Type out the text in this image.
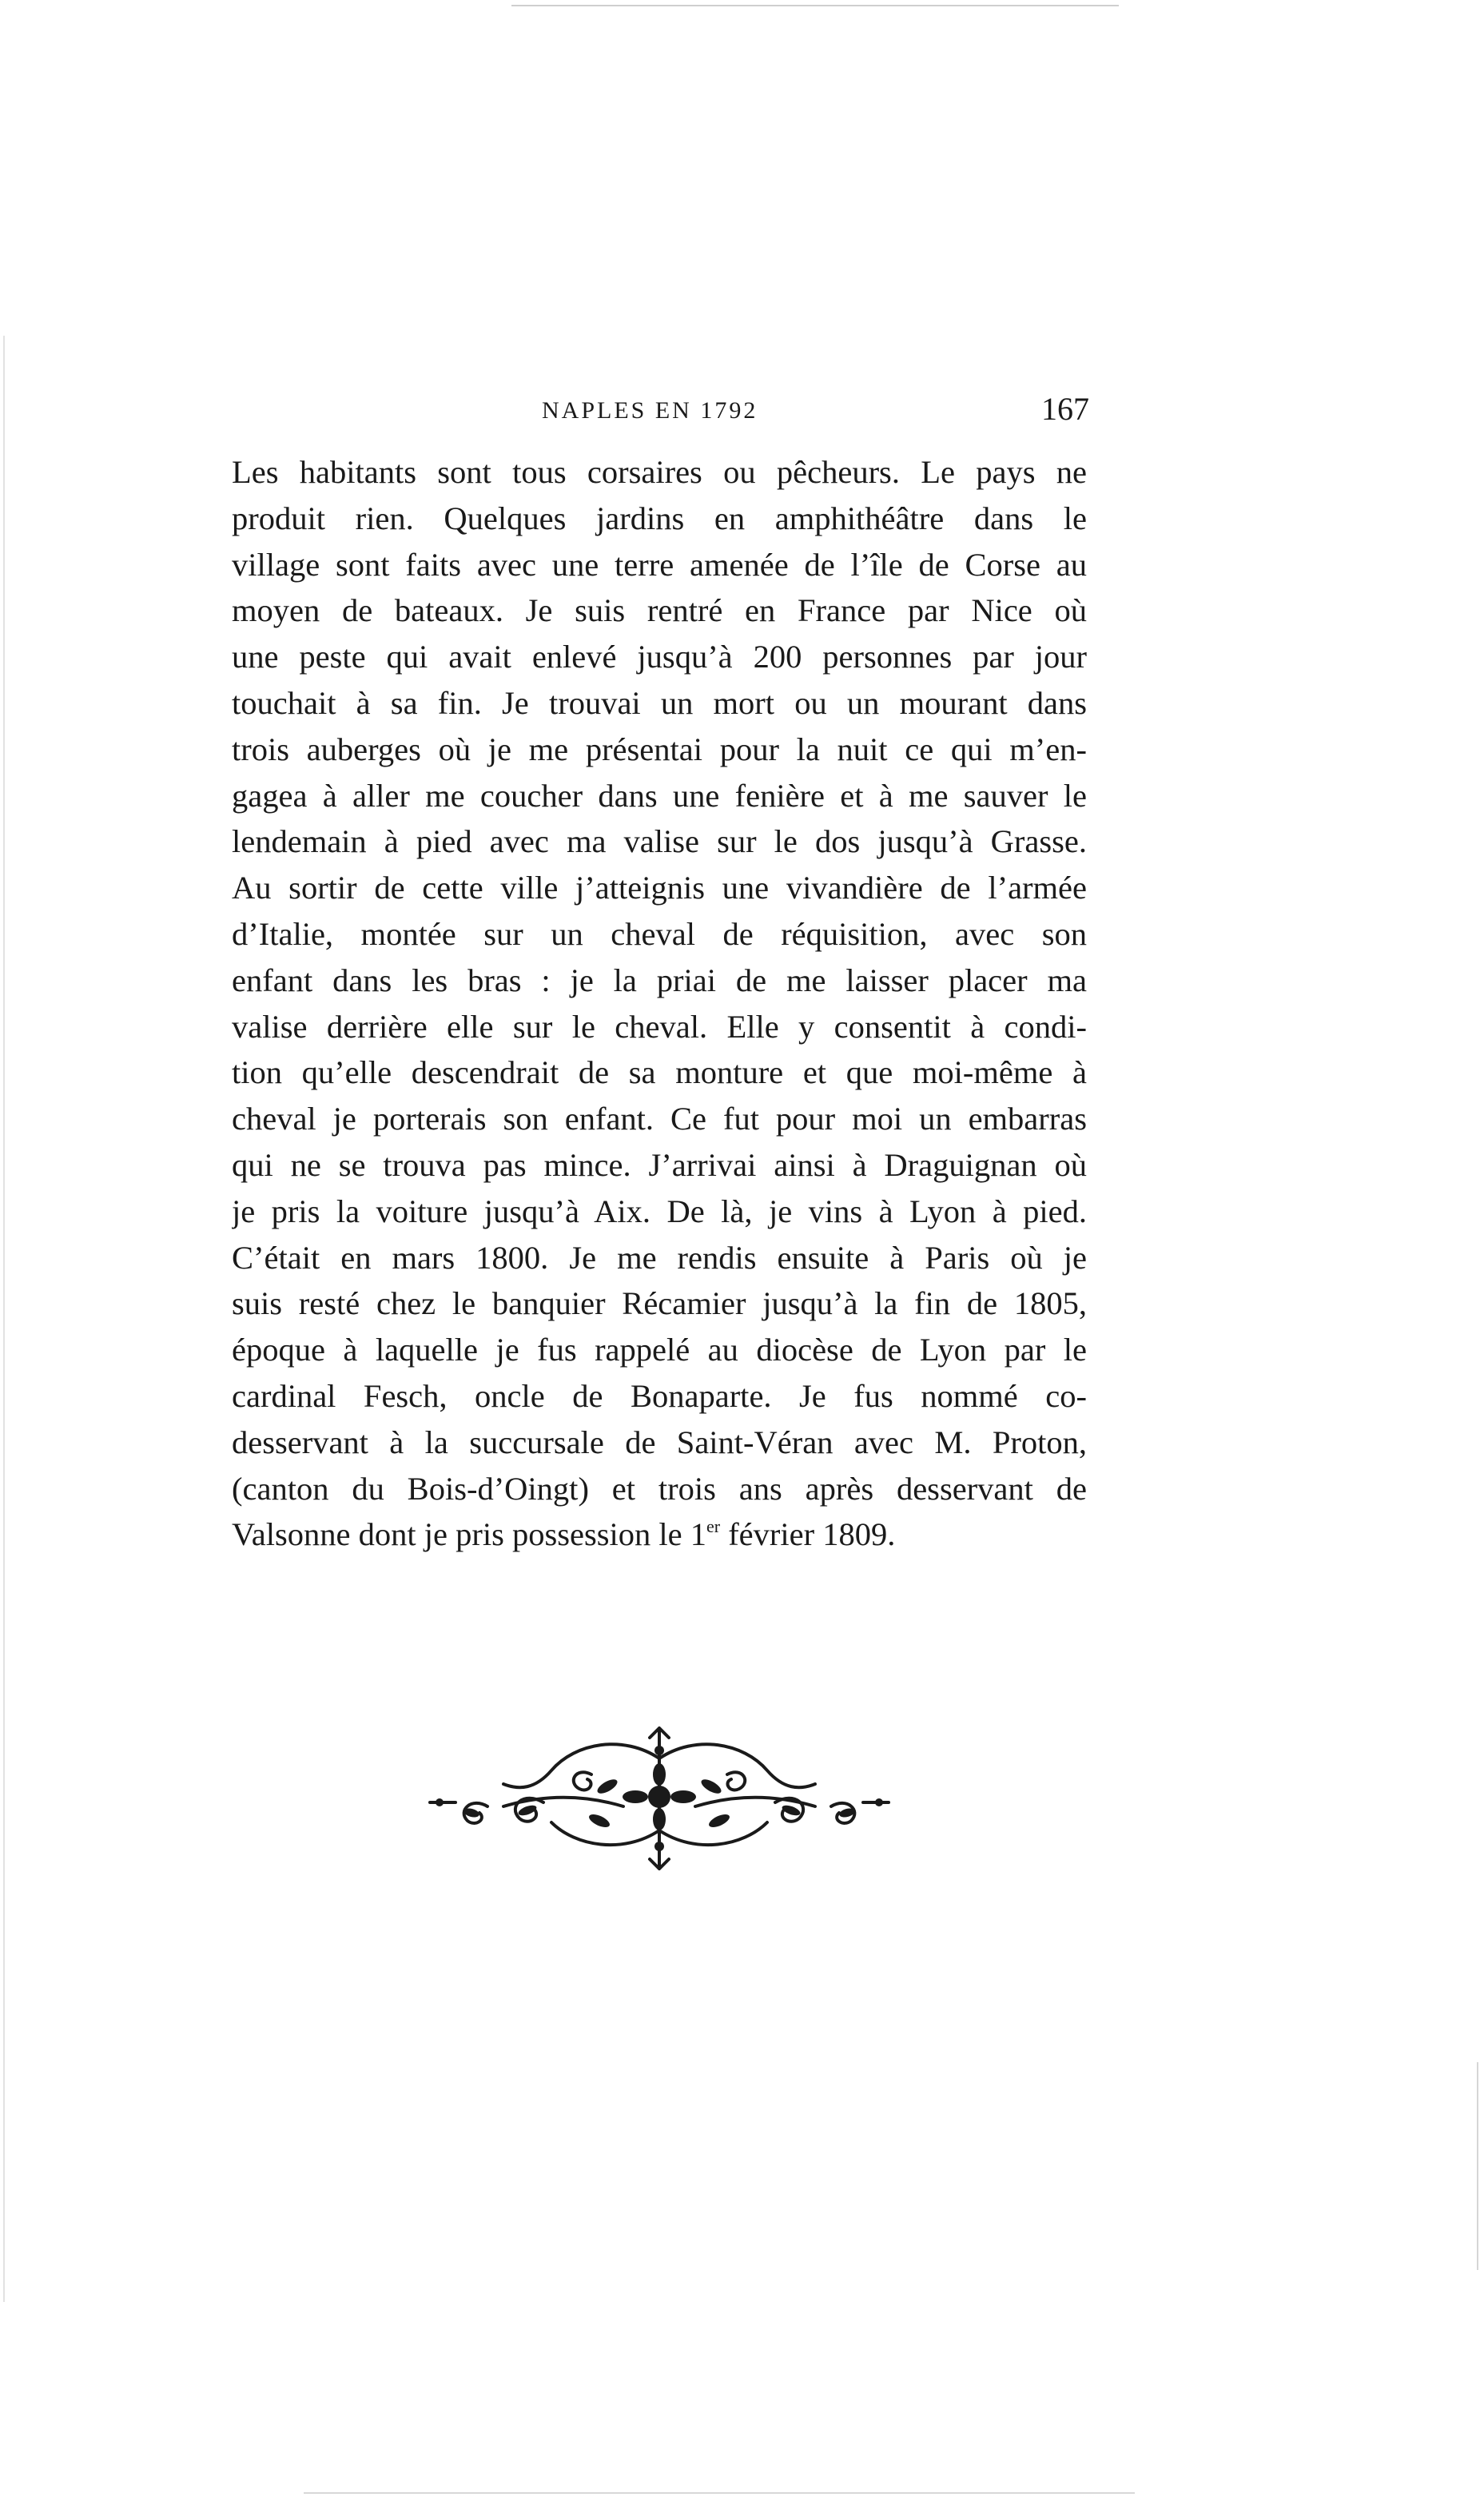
NAPLES EN 1792	167
Les habitants sont tous corsaires ou pêcheurs. Le pays ne
produit rien. Quelques jardins en amphithéâtre dans le
village sont faits avec une terre amenée de l’île de Corse au
moyen de bateaux. Je suis rentré en France par Nice où
une peste qui avait enlevé jusqu’à 200 personnes par jour
touchait à sa fin. Je trouvai un mort ou un mourant dans
trois auberges où je me présentai pour la nuit ce qui m’en-
gagea à aller me coucher dans une fenière et à me sauver le
lendemain à pied avec ma valise sur le dos jusqu’à Grasse.
Au sortir de cette ville j’atteignis une vivandière de l’armée
d’Italie, montée sur un cheval de réquisition, avec son
enfant dans les bras : je la priai de me laisser placer ma
valise derrière elle sur le cheval. Elle y consentit à condi-
tion qu’elle descendrait de sa monture et que moi-même à
cheval je porterais son enfant. Ce fut pour moi un embarras
qui ne se trouva pas mince. J’arrivai ainsi à Draguignan où
je pris la voiture jusqu’à Aix. De là, je vins à Lyon à pied.
C’était en mars 1800. Je me rendis ensuite à Paris où je
suis resté chez le banquier Récamier jusqu’à la fin de 1805,
époque à laquelle je fus rappelé au diocèse de Lyon par le
cardinal Fesch, oncle de Bonaparte. Je fus nommé co-
desservant à la succursale de Saint-Véran avec M. Proton,
(canton du Bois-d’Oingt) et trois ans après desservant de
Valsonne dont je pris possession le 1er février 1809.
